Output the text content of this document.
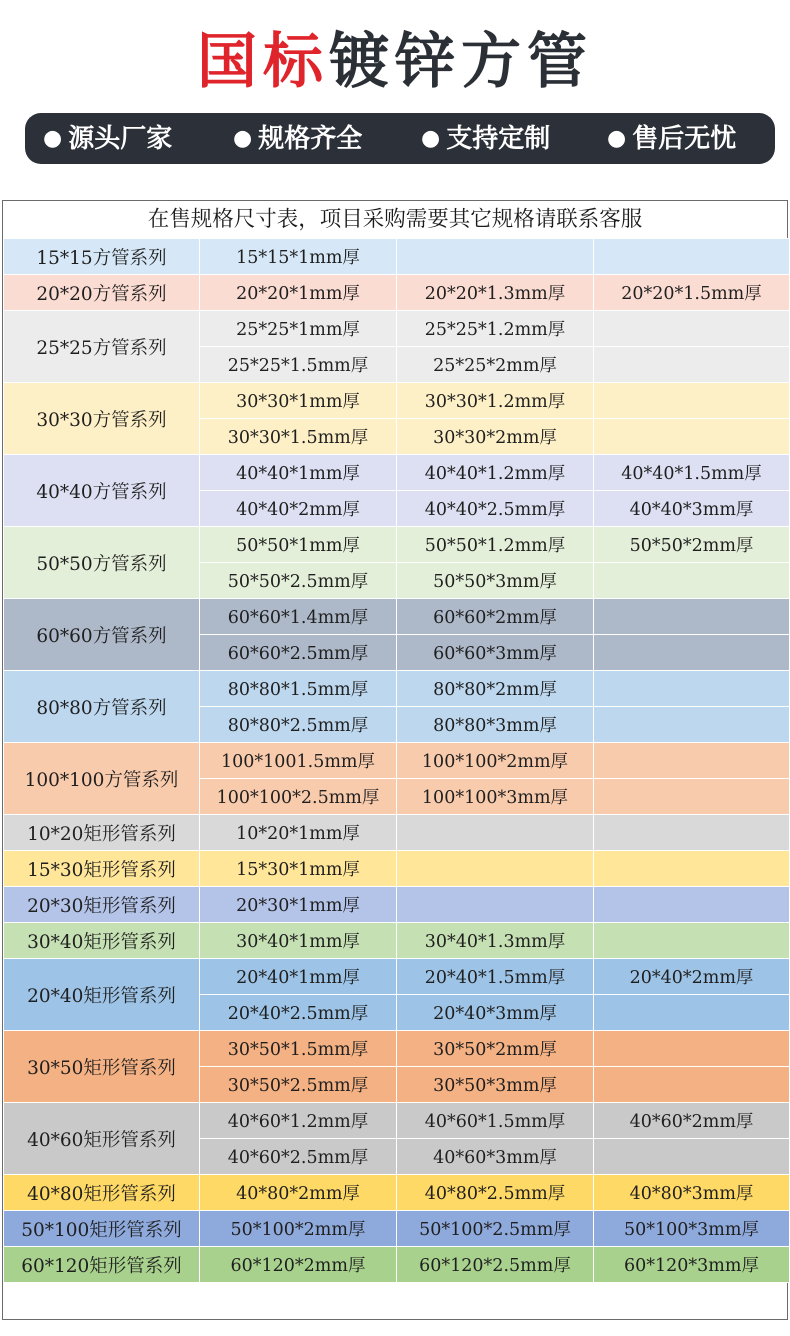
国标镀锌方管
● 源头厂家	● 规格齐全	● 支持定制	● 售后无忧
在售规格尺寸表，项目采购需要其它规格请联系客服
15*15方管系列	15*15*1mm厚		
20*20方管系列	20*20*1mm厚	20*20*1.3mm厚	20*20*1.5mm厚
25*25方管系列	25*25*1mm厚	25*25*1.2mm厚	
	25*25*1.5mm厚	25*25*2mm厚	
30*30方管系列	30*30*1mm厚	30*30*1.2mm厚	
	30*30*1.5mm厚	30*30*2mm厚	
40*40方管系列	40*40*1mm厚	40*40*1.2mm厚	40*40*1.5mm厚
	40*40*2mm厚	40*40*2.5mm厚	40*40*3mm厚
50*50方管系列	50*50*1mm厚	50*50*1.2mm厚	50*50*2mm厚
	50*50*2.5mm厚	50*50*3mm厚	
60*60方管系列	60*60*1.4mm厚	60*60*2mm厚	
	60*60*2.5mm厚	60*60*3mm厚	
80*80方管系列	80*80*1.5mm厚	80*80*2mm厚	
	80*80*2.5mm厚	80*80*3mm厚	
100*100方管系列	100*1001.5mm厚	100*100*2mm厚	
	100*100*2.5mm厚	100*100*3mm厚	
10*20矩形管系列	10*20*1mm厚		
15*30矩形管系列	15*30*1mm厚		
20*30矩形管系列	20*30*1mm厚		
30*40矩形管系列	30*40*1mm厚	30*40*1.3mm厚	
20*40矩形管系列	20*40*1mm厚	20*40*1.5mm厚	20*40*2mm厚
	20*40*2.5mm厚	20*40*3mm厚	
30*50矩形管系列	30*50*1.5mm厚	30*50*2mm厚	
	30*50*2.5mm厚	30*50*3mm厚	
40*60矩形管系列	40*60*1.2mm厚	40*60*1.5mm厚	40*60*2mm厚
	40*60*2.5mm厚	40*60*3mm厚	
40*80矩形管系列	40*80*2mm厚	40*80*2.5mm厚	40*80*3mm厚
50*100矩形管系列	50*100*2mm厚	50*100*2.5mm厚	50*100*3mm厚
60*120矩形管系列	60*120*2mm厚	60*120*2.5mm厚	60*120*3mm厚
